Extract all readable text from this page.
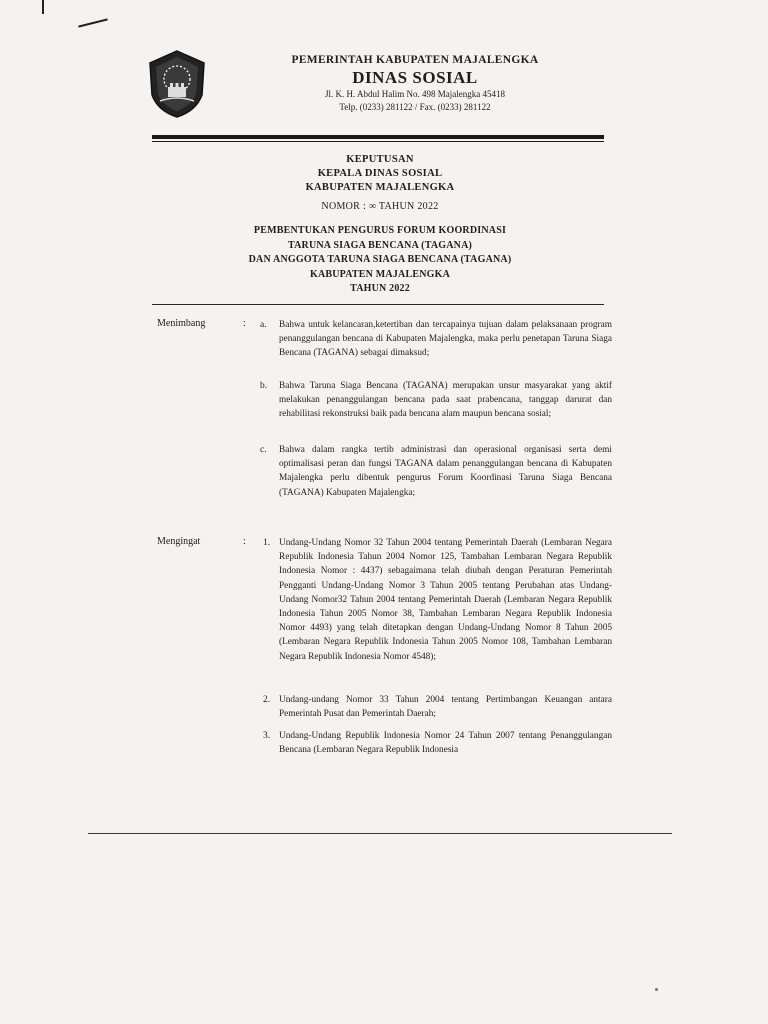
PEMERINTAH KABUPATEN MAJALENGKA
DINAS SOSIAL
Jl. K. H. Abdul Halim No. 498 Majalengka 45418
Telp. (0233) 281122 / Fax. (0233) 281122
KEPUTUSAN
KEPALA DINAS SOSIAL
KABUPATEN MAJALENGKA
NOMOR : ∞ TAHUN 2022
PEMBENTUKAN PENGURUS FORUM KOORDINASI
TARUNA SIAGA BENCANA (TAGANA)
DAN ANGGOTA TARUNA SIAGA BENCANA (TAGANA)
KABUPATEN MAJALENGKA
TAHUN 2022
Menimbang	: a. Bahwa untuk kelancaran,ketertiban dan tercapainya tujuan dalam pelaksanaan program penanggulangan bencana di Kabupaten Majalengka, maka perlu penetapan Taruna Siaga Bencana (TAGANA) sebagai dimaksud;
b. Bahwa Taruna Siaga Bencana (TAGANA) merupakan unsur masyarakat yang aktif melakukan penanggulangan bencana pada saat prabencana, tanggap darurat dan rehabilitasi rekonstruksi baik pada bencana alam maupun bencana sosial;
c. Bahwa dalam rangka tertib administrasi dan operasional organisasi serta demi optimalisasi peran dan fungsi TAGANA dalam penanggulangan bencana di Kabupaten Majalengka perlu dibentuk pengurus Forum Koordinasi Taruna Siaga Bencana (TAGANA) Kabupaten Majalengka;
Mengingat	: 1. Undang-Undang Nomor 32 Tahun 2004 tentang Pemerintah Daerah (Lembaran Negara Republik Indonesia Tahun 2004 Nomor 125, Tambahan Lembaran Negara Republik Indonesia Nomor : 4437) sebagaimana telah diubah dengan Peraturan Pemerintah Pengganti Undang-Undang Nomor 3 Tahun 2005 tentang Perubahan atas Undang-Undang Nomor32 Tahun 2004 tentang Pemerintah Daerah (Lembaran Negara Republik Indonesia Tahun 2005 Nomor 38, Tambahan Lembaran Negara Republik Indonesia Nomor 4493) yang telah ditetapkan dengan Undang-Undang Nomor 8 Tahun 2005 (Lembaran Negara Republik Indonesia Tahun 2005 Nomor 108, Tambahan Lembaran Negara Republik Indonesia Nomor 4548);
2. Undang-undang Nomor 33 Tahun 2004 tentang Pertimbangan Keuangan antara Pemerintah Pusat dan Pemerintah Daerah;
3. Undang-Undang Republik Indonesia Nomor 24 Tahun 2007 tentang Penanggulangan Bencana (Lembaran Negara Republik Indonesia
